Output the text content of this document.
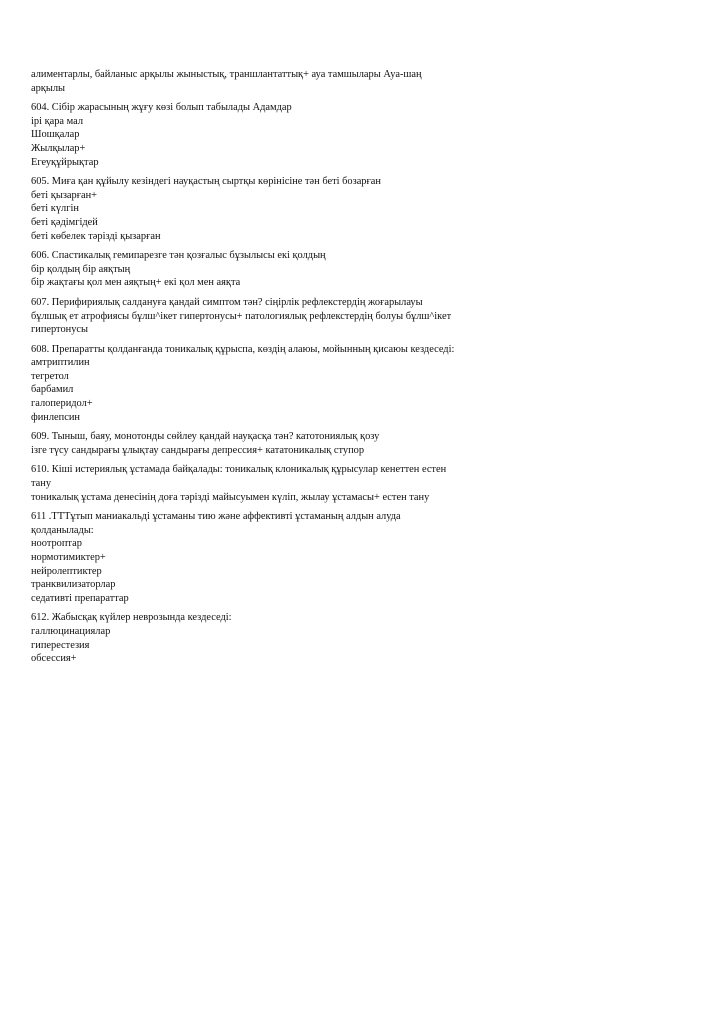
алиментарлы, байланыс арқылы жыныстық, траншлантаттық+ ауа тамшылары Ауа-шаң
арқылы
604. Сібір жарасының жұғу көзі болып табылады Адамдар
ірі қара мал
Шошқалар
Жылқылар+
Егеуқұйрықтар
605. Миға қан құйылу кезіндегі науқастың сыртқы көрінісіне тән беті бозарған
беті қызарған+
беті күлгін
беті қәдімгідей
беті көбелек тәрізді қызарған
606. Спастикалық гемипарезге тән қозғалыс бұзылысы екі қолдың
бір қолдың бір аяқтың
бір жақтағы қол мен аяқтың+ екі қол мен аяқта
607. Перифириялық салдануға қандай симптом тән? сіңірлік рефлекстердің жоғарылауы
бұлшық ет атрофиясы бұлш^ікет гипертонусы+ патологиялық рефлекстердің болуы бұлш^ікет
гипертонусы
608. Препаратты қолданғанда тоникалық құрыспа, көздің алаюы, мойынның қисаюы кездеседі:
амтриптилин
тегретол
барбамил
галоперидол+
финлепсин
609. Тыныш, баяу, монотонды сөйлеу қандай науқасқа тән? катотониялық қозу
ізге түсу сандырағы ұлықтау сандырағы депрессия+ кататоникалық ступор
610. Кіші истериялық ұстамада байқалады: тоникалық клоникалық құрысулар кенеттен естен
тану
тоникалық ұстама денесінің доға тәрізді майысуымен күліп, жылау ұстамасы+ естен тану
611 .ТТТұтып маниакальді ұстаманы тию және аффективті ұстаманың алдын алуда
қолданылады:
ноотроптар
нормотимиктер+
нейролептиктер
транквилизаторлар
седативті препараттар
612. Жабысқақ күйлер неврозында кездеседі:
галлюцинациялар
гиперестезия
обсессия+
